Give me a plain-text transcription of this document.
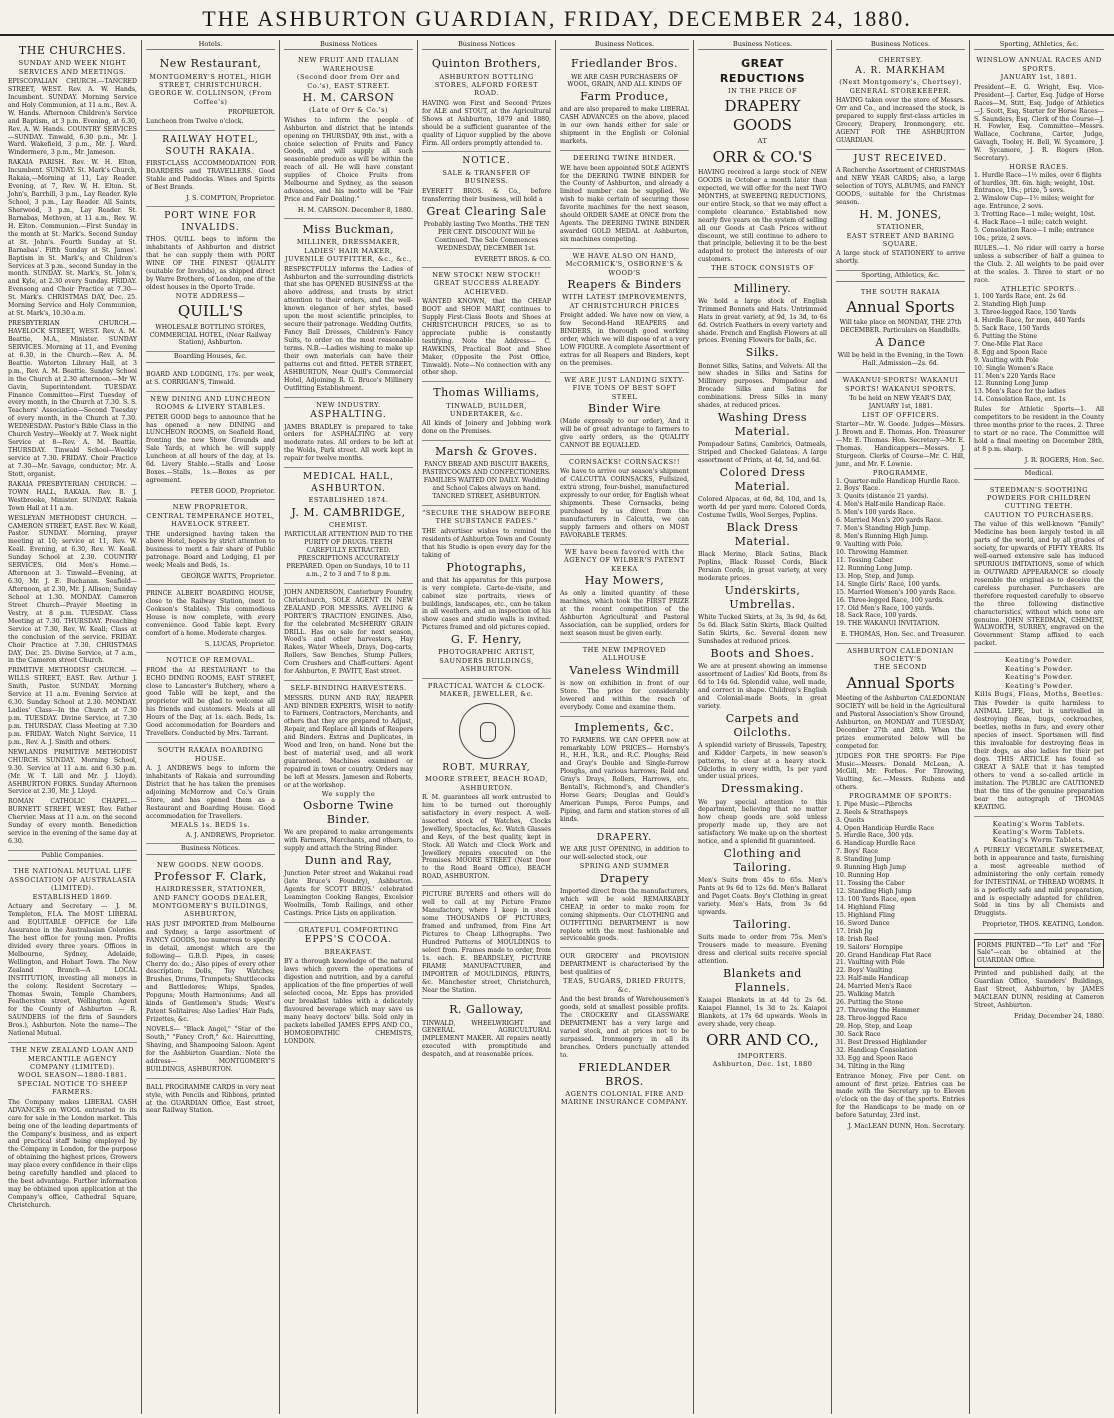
THE ASHBURTON GUARDIAN, FRIDAY, DECEMBER 24, 1880.
THE CHURCHES.
SUNDAY AND WEEK NIGHT SERVICES AND MEETINGS.
EPISCOPALIAN CHURCH.—TANCRED STREET, WEST. Rev. A. W. Hands, Incumbent. SUNDAY. Morning Service and Holy Communion, at 11 a.m., Rev. A. W. Hands. Afternoon Children's Service and Baptism, at 3 p.m. Evening, at 6.30, Rev. A. W. Hands. COUNTRY SERVICES—SUNDAY. Tinwald, 6.30 p.m., Mr. J. Ward. Wakefield, 3 p.m., Mr. J. Ward. Windermere, 3 p.m., Mr. Jameson.
RAKAIA PARISH. Rev. W. H. Elton, Incumbent. SUNDAY. St. Mark's Church, Rakaia,—Morning at 11, Lay Reader. Evening, at 7, Rev. W. H. Elton. St. John's, Barrhill, 3 p.m., Lay Reader. Kyle School, 3 p.m., Lay Reader. All Saints, Sherwood, 3 p.m., Lay Reader. St. Barnabas, Methven, at 11 a.m., Rev. W. H. Elton. Communion.—First Sunday in the month at St. Mark's. Second Sunday at St. John's. Fourth Sunday at St. Barnabas'. Fifth Sunday at St. James'. Baptism in St. Mark's, and Children's Services at 3 p.m., second Sunday in the month. SUNDAY. St. Mark's, St. John's, and Kyle, at 2.30 every Sunday. FRIDAY. Evensong and Choir Practice at 7.30—St. Mark's. CHRISTMAS DAY, Dec. 25. Morning Service and Holy Communion, at St. Mark's, 10.30 a.m.
PRESBYTERIAN CHURCH.—HAVELOCK STREET, WEST. Rev. A. M. Beattie, M.A., Minister. SUNDAY SERVICES. Morning at 11, and Evening at 6.30, in the Church.—Rev. A. M. Beattie. Waterton Library Hall, at 3 p.m., Rev. A. M. Beattie. Sunday School in the Church at 2.30 afternoon.—Mr W. Gavin, Superintendent. TUESDAY. Finance Committee—First Tuesday of every month, in the Church at 7.30. S. S. Teachers' Association—Second Tuesday of every month, in the Church at 7.30. WEDNESDAY. Pastor's Bible Class in the Church Vestry—Weekly at 7. Week night Service at 8—Rev. A. M. Beattie. THURSDAY. Tinwald School—Weekly service at 7.30. FRIDAY. Choir Practice at 7.30—Mr. Savage, conductor; Mr. A. Stott, organist.
RAKAIA PRESBYTERIAN CHURCH. —TOWN HALL, RAKAIA. Rev. B. J. Westbrooke, Minister. SUNDAY. Rakaia Town Hall at 11 a.m.
WESLEYAN METHODIST CHURCH. —CAMERON STREET, EAST. Rev. W. Keall, Pastor. SUNDAY. Morning, prayer meeting at 10; service at 11, Rev. W. Keall. Evening, at 6.30, Rev. W. Keall. Sunday School at 2.30. COUNTRY SERVICES. Old Men's Home.—Afternoon at 3. Tinwald—Evening, at 6.30, Mr. J. E. Buchanan. Seafield—Afternoon, at 2.30, Mr. J. Allison; Sunday School at 1.30. MONDAY. Cameron Street Church—Prayer Meeting in Vestry, at 8 p.m. TUESDAY. Class Meeting at 7.30. THURSDAY. Preaching Service at 7.30, Rev. W. Keall; Class at the conclusion of the service. FRIDAY. Choir Practice at 7.30. CHRISTMAS DAY, Dec. 25. Divine Service, at 7 a.m., in the Cameron street Church.
PRIMITIVE METHODIST CHURCH. —WILLS STREET, EAST. Rev. Arthur J. Smith, Pastor. SUNDAY. Morning Service at 11 a.m. Evening Service at 6.30. Sunday School at 2.30. MONDAY. Ladies' Class—In the Church at 7.30 p.m. TUESDAY. Divine Service, at 7.30 p.m. THURSDAY. Class Meeting at 7.30 p.m. FRIDAY. Watch Night Service, 11 p.m., Rev. A. J. Smith and others.
NEWLANDS PRIMITIVE METHODIST CHURCH. SUNDAY. Morning School, 9.30. Service at 11 a.m. and 6.30 p.m. (Mr. W. T. Lill and Mr. J. Lloyd). ASHBURTON FORKS. Sunday Afternoon Service at 2.30, Mr. J. Lloyd.
ROMAN CATHOLIC CHAPEL.—BURNETT STREET, WEST. Rev. Father Chervier. Mass at 11 a.m. on the second Sunday of every month. Benediction service in the evening of the same day at 6.30.
Public Companies.
THE NATIONAL MUTUAL LIFE ASSOCIATION OF AUSTRALASIA (LIMITED).
ESTABLISHED 1869.
Actuary and Secretary — J. M. Templeton, F.I.A. The MOST LIBERAL and EQUITABLE OFFICE for Life Assurance in the Australasian Colonies. The best office for young men. Profits divided every three years. Offices in Melbourne, Sydney, Adelaide, Wellington, and Hobart Town. The New Zealand Branch—A LOCAL INSTITUTION, investing all moneys in the colony. Resident Secretary — Thomas Swain, Temple Chambers, Featherston street, Wellington. Agent for the County of Ashburton — R. SAUNDERS (of the firm of Saunders Bros.), Ashburton. Note the name—The National Mutual.
THE NEW ZEALAND LOAN AND MERCANTILE AGENCY COMPANY (LIMITED).
WOOL SEASON—1880-1881.
SPECIAL NOTICE TO SHEEP FARMERS.
The Company makes LIBERAL CASH ADVANCES on WOOL entrusted to its care for sale in the London market. This being one of the leading departments of the Company's business, and as expert and practical staff being employed by the Company in London, for the purpose of obtaining the highest prices, Growers may place every confidence in their clips being carefully handled and placed to the best advantage. Further information may be obtained upon application at the Company's office, Cathedral Square, Christchurch.
Hotels.
New Restaurant,
MONTGOMERY'S HOTEL, HIGH STREET, CHRISTCHURCH.
GEORGE W. COLLINSON, (From Coffee's)
PROPRIETOR.
Luncheon from Twelve o'clock.
RAILWAY HOTEL, SOUTH RAKAIA.
FIRST-CLASS ACCOMMODATION FOR BOARDERS and TRAVELLERS. Good Stable and Paddocks. Wines and Spirits of Best Brands.
J. S. COMPTON, Proprietor.
PORT WINE FOR INVALIDS.
THOS. QUILL begs to inform the inhabitants of Ashburton and district that he can supply them with PORT WINE OF THE FINEST QUALITY (suitable for Invalids), as shipped direct by Warre Brothers, of London, one of the oldest houses in the Oporto Trade.
NOTE ADDRESS—
QUILL'S
WHOLESALE BOTTLING STORES, COMMERCIAL HOTEL, (Near Railway Station), Ashburton.
Boarding Houses, &c.
BOARD AND LODGING, 17s. per week, at S. CORRIGAN'S, Tinwald.
NEW DINING AND LUNCHEON ROOMS & LIVERY STABLES.
PETER GOOD begs to announce that he has opened a new DINING and LUNCHEON ROOMS, on Seafield Road, fronting the new Show Grounds and Sale Yards, at which he will supply Luncheon at all hours of the day, at 1s. 6d. Livery Stable.—Stalls and Loose Boxes.—Stalls, 1s.—Boxes as per agreement.
PETER GOOD, Proprietor.
NEW PROPRIETOR.
CENTRAL TEMPERANCE HOTEL, HAVELOCK STREET.
THE undersigned having taken the above Hotel, hopes by strict attention to business to merit a fair share of Public patronage. Board and Lodging, £1 per week; Meals and Beds, 1s.
GEORGE WATTS, Proprietor.
PRINCE ALBERT BOARDING HOUSE, close to the Railway Station, (next to Cookson's Stables). This commodious House is now complete, with every convenience. Good Table kept. Every comfort of a home. Moderate charges.
S. LUCAS, Proprietor.
NOTICE OF REMOVAL.
FROM the AI RESTAURANT to the ECHO DINING ROOMS, EAST STREET, close to Lancaster's Butchery, where a good Table will be kept, and the proprietor will be glad to welcome all his friends and customers. Meals at all Hours of the Day, at 1s. each. Beds, 1s. Good accommodation for Boarders and Travellers. Conducted by Mrs. Tarrant.
SOUTH RAKAIA BOARDING HOUSE.
A. J. ANDREWS begs to inform the inhabitants of Rakaia and surrounding District that he has taken the premises adjoining McMorrow and Co.'s Grain Store, and has opened them as a Restaurant and Boarding House. Good accommodation for Travellers.
MEALS 1s. BEDS 1s.
A. J. ANDREWS, Proprietor.
Business Notices.
NEW GOODS. NEW GOODS.
Professor F. Clark,
HAIRDRESSER, STATIONER, AND FANCY GOODS DEALER, MONTGOMERY'S BUILDINGS, ASHBURTON,
HAS JUST IMPORTED from Melbourne and Sydney, a large assortment of FANCY GOODS, too numerous to specify in detail, amongst which are the following— G.B.D. Pipes, in cases; Cherry do. do.; Also pipes of every other description; Dolls, Toy Watches; Brushes, Drums, Trumpets; Shuttlecocks and Battledores; Whips, Spades, Popguns; Mouth Harmoniums; And all kinds of Gentlemen's Studs; West's Patent Solitaires; Also Ladies' Hair Pads, Frizettes, &c.
NOVELS— "Black Angel," "Star of the South," "Fancy Croft," &c. Haircutting, Shaving, and Shampooing Saloon. Agent for the Ashburton Guardian. Note the address— MONTGOMERY'S BUILDINGS, ASHBURTON.
BALL PROGRAMME CARDS in very neat style, with Pencils and Ribbons, printed at the GUARDIAN Office, East street, near Railway Station.
Business Notices
NEW FRUIT AND ITALIAN WAREHOUSE
(Second door from Orr and Co.'s), EAST STREET.
H. M. CARSON
(Late of Orr & Co.'s)
Wishes to inform the people of Ashburton and district that he intends opening on THURSDAY, 9th inst., with a choice selection of Fruits and Fancy Goods, and will supply all such seasonable produce as will be within the reach of all. He will have constant supplies of Choice Fruits from Melbourne and Sydney, as the season advances, and his motto will be "Fair Price and Fair Dealing."
H. M. CARSON. December 8, 1880.
Miss Buckman,
MILLINER, DRESSMAKER, LADIES' HAIR MAKER, JUVENILE OUTFITTER, &c., &c.,
RESPECTFULLY informs the Ladies of Ashburton and the surrounding districts that she has OPENED BUSINESS at the above address, and trusts by strict attention to their orders, and the well-known elegance of her styles, based upon the most scientific principles, to secure their patronage. Wedding Outfits, Fancy Ball Dresses, Children's Fancy Suits, to order on the most reasonable terms. N.B.—Ladies wishing to make up their own materials can have their patterns cut and fitted. PETER STREET, ASHBURTON, Near Quill's Commercial Hotel, Adjoining R. G. Bruce's Millinery Outfitting Establishment.
NEW INDUSTRY.
ASPHALTING.
JAMES BRADLEY is prepared to take orders for ASPHALTING at very moderate rates. All orders to be left at the Wolds, Park street. All work kept in repair for twelve months.
MEDICAL HALL, ASHBURTON.
ESTABLISHED 1874.
J. M. CAMBRIDGE,
CHEMIST.
PARTICULAR ATTENTION PAID TO THE PURITY OF DRUGS. TEETH CAREFULLY EXTRACTED. PRESCRIPTIONS ACCURATELY PREPARED. Open on Sundays, 10 to 11 a.m., 2 to 3 and 7 to 8 p.m.
JOHN ANDERSON, Canterbury Foundry, Christchurch, SOLE AGENT IN NEW ZEALAND FOR MESSRS. AVELING & PORTER'S TRACTION ENGINES. Also, for the celebrated McSHERRY GRAIN DRILL. Has on sale for next season, Wood's and other harvesters, Hay Rakes, Water Wheels, Drays, Dog-carts, Rollers, Saw Benches, Stump Pullers, Corn Crushers and Chaff-cutters. Agent for Ashburton, F. PAVITT, East street.
SELF-BINDING HARVESTERS.
MESSRS. DUNN AND RAY, REAPER AND BINDER EXPERTS, WISH to notify to Farmers, Contractors, Merchants, and others that they are prepared to Adjust, Repair, and Replace all kinds of Reapers and Binders. Extras and Duplicates, in Wood and Iron, on hand. None but the best of material used, and all work guaranteed. Machines examined or repaired in town or country. Orders may be left at Messrs. Jameson and Roberts, or at the workshop.
We supply the
Osborne Twine Binder.
We are prepared to make arrangements with Farmers, Merchants, and others, to supply and attach the String Binder.
Dunn and Ray,
Junction Peter street and Wakanui road (late Bruce's Foundry), Ashburton. Agents for SCOTT BROS.' celebrated Leamington Cooking Ranges, Excelsior Woolmills, Tomb Railings, and other Castings. Price Lists on application.
GRATEFUL COMFORTING
EPPS'S COCOA.
BREAKFAST.
BY a thorough knowledge of the natural laws which govern the operations of digestion and nutrition, and by a careful application of the fine properties of well selected cocoa, Mr. Epps has provided our breakfast tables with a delicately flavoured beverage which may save us many heavy doctors' bills. Sold only in packets labelled JAMES EPPS AND CO., HOMOEOPATHIC CHEMISTS, LONDON.
Business Notices
Quinton Brothers,
ASHBURTON BOTTLING STORES, ALFORD FOREST ROAD.
HAVING won First and Second Prizes for ALE and STOUT, at the Agricultural Shows at Ashburton, 1879 and 1880, should be a sufficient guarantee of the quality of Liquor supplied by the above Firm. All orders promptly attended to.
NOTICE.
SALE & TRANSFER OF BUSINESS.
EVERETT BROS. & Co., before transferring their business, will hold a
Great Clearing Sale
Probably lasting Two Months. THE TEN PER CENT. DISCOUNT Will be Continued. The Sale Commences WEDNESDAY, DECEMBER 1st.
EVERETT BROS. & CO.
NEW STOCK! NEW STOCK!!
GREAT SUCCESS ALREADY ACHIEVED.
WANTED KNOWN, that the CHEAP BOOT and SHOE MART, continues to Supply First-Class Boots and Shoes at CHRISTCHURCH PRICES, so as to appreciate public is constantly testifying. Note the Address— C. HAWKINS, Practical Boot and Shoe Maker, (Opposite the Post Office, Tinwald). Note—No connection with any other shop.
Thomas Williams,
TINWALD, BUILDER, UNDERTAKER, &c.
All kinds of Joinery and Jobbing work done on the Premises.
Marsh & Groves.
FANCY BREAD AND BISCUIT BAKERS, PASTRYCOOKS AND CONFECTIONERS. FAMILIES WAITED ON DAILY. Wedding and School Cakes always on hand. TANCRED STREET, ASHBURTON.
"SECURE THE SHADOW BEFORE THE SUBSTANCE FADES."
THE advertiser wishes to remind the residents of Ashburton Town and County that his Studio is open every day for the taking of
Photographs,
and that his apparatus for this purpose is very complete. Carte-de-visite, and cabinet size portraits, views of buildings, landscapes, etc., can be taken in all weathers, and an inspection of his show cases and studio walls is invited. Pictures framed and old pictures copied.
G. F. Henry,
PHOTOGRAPHIC ARTIST, SAUNDERS BUILDINGS, ASHBURTON.
PRACTICAL WATCH & CLOCK-MAKER, JEWELLER, &c.
ROBT. MURRAY,
MOORE STREET, BEACH ROAD, ASHBURTON.
R. M. guarantees all work entrusted to him to be turned out thoroughly satisfactory in every respect. A well-assorted stock of Watches, Clocks Jewellery, Spectacles, &c. Watch Glasses and Keys, of the best quality, kept in Stock. All Watch and Clock Work and Jewellery repairs executed on the Premises. MOORE STREET (Next Door to the Road Board Office), BEACH ROAD, ASHBURTON.
PICTURE BUYERS and others will do well to call at my Picture Frame Manufactory, where I keep in stock some THOUSANDS OF PICTURES, framed and unframed, from Fine Art Pictures to Cheap Lithographs. Two Hundred Patterns of MOULDINGS to select from. Frames made to order, from 1s. each. E. BEARDSLEY, PICTURE FRAME MANUFACTURER, and IMPORTER of MOULDINGS, PRINTS, &c. Manchester street, Christchurch, Near the Station.
R. Galloway,
TINWALD, WHEELWRIGHT and GENERAL AGRICULTURAL IMPLEMENT MAKER. All repairs neatly executed with promptitude and despatch, and at reasonable prices.
Business Notices.
Friedlander Bros.
WE ARE CASH PURCHASERS OF WOOL, GRAIN, AND ALL KINDS OF
Farm Produce,
and are also prepared to make LIBERAL CASH ADVANCES on the above, placed in our own hands either for sale or shipment in the English or Colonial markets.
DEERING TWINE BINDER.
WE have been appointed SOLE AGENTS for the DEERING TWINE BINDER for the County of Ashburton, and already a limited number can be supplied. We wish to make certain of securing those favorite machines for the next season, should ORDER SAME at ONCE from the Agents. The DEERING TWINE BINDER awarded GOLD MEDAL at Ashburton, six machines competing.
WE HAVE ALSO ON HAND, McCORMICK'S, OSBORNE'S & WOOD'S
Reapers & Binders
WITH LATEST IMPROVEMENTS, AT CHRISTCHURCH PRICES
Freight added. We have now on view, a few Second-Hand REAPERS and BINDERS, in thorough good working order, which we will dispose of at a very LOW FIGURE. A complete Assortment of extras for all Reapers and Binders, kept on the premises.
WE ARE JUST LANDING SIXTY-FIVE TONS OF BEST SOFT STEEL
Binder Wire
(Made expressly to our order), And it will be of great advantage to farmers to give early orders, as the QUALITY CANNOT BE EQUALLED.
CORNSACKS! CORNSACKS!!
We have to arrive our season's shipment of CALCUTTA CORNSACKS, Fullsized, extra strong, four-bushel, manufactured expressly to our order, for English wheat shipments. These Cornsacks, being purchased by us direct from the manufacturers in Calcutta, we can supply farmers and others on MOST FAVORABLE TERMS.
WE have been favored with the AGENCY OF WILBER'S PATENT KEEKA
Hay Mowers,
As only a limited quantity of these machines, which took the FIRST PRIZE at the recent competition of the Ashburton Agricultural and Pastoral Association, can be supplied, orders for next season must be given early.
THE NEW IMPROVED ALLHOUSE
Vaneless Windmill
is now on exhibition in front of our Store. The price for considerably lowered and within the reach of everybody. Come and examine them.
Implements, &c.
TO FARMERS. WE CAN OFFER now at remarkably LOW PRICES— Hornsby's H., H.H., R.R., and R.C. Ploughs; Reid and Gray's Double and Single-furrow Ploughs, and various harrows; Reid and Gray's Drays, Rollers, Harrows, etc. Bentall's, Richmond's, and Chandler's Horse Gears; Douglas and Gould's American Pumps, Force Pumps, and Piping, and farm and station stores of all kinds.
DRAPERY.
WE ARE JUST OPENING, in addition to our well-selected stock, our
SPRING AND SUMMER
Drapery
Imported direct from the manufacturers, which will be sold REMARKABLY CHEAP, in order to make room for coming shipments. Our CLOTHING and OUTFITTING DEPARTMENT is now replete with the most fashionable and serviceable goods.
OUR GROCERY and PROVISION DEPARTMENT is characterised by the best qualities of
TEAS, SUGARS, DRIED FRUITS, &c.
And the best brands of Warehousemen's goods, sold at smallest possible profits. The CROCKERY and GLASSWARE DEPARTMENT has a very large and varied stock, and at prices not to be surpassed. Ironmongery in all its branches. Orders punctually attended to.
FRIEDLANDER BROS.
AGENTS COLONIAL FIRE AND MARINE INSURANCE COMPANY.
Business Notices.
GREAT REDUCTIONS
IN THE PRICE OF
DRAPERY GOODS
AT
ORR & CO.'S
HAVING received a large stock of NEW GOODS in October a month later than expected, we will offer for the next TWO MONTHS, at SWEEPING REDUCTIONS, our entire Stock, so that we may effect a complete clearance. Established now nearly five years on the system of selling all our Goods at Cash Prices without discount, we still continue to adhere to that principle, believing it to be the best adapted to protect the interests of our customers.
THE STOCK CONSISTS OF
Millinery.
We hold a large stock of English Trimmed Bonnets and Hats. Untrimmed Hats in great variety, at 9d, 1s 3d, to 6s 6d. Ostrich Feathers in every variety and shade. French and English Flowers at all prices. Evening Flowers for balls, &c.
Silks.
Bonnet Silks, Satins, and Velvets. All the new shades in Silks and Satins for Millinery purposes. Pompadour and Brocade Silks and Satins for combinations. Dress Silks in many shades, at reduced prices.
Washing Dress Material.
Pompadour Satins, Cambrics, Oatmeals, Striped and Checked Galateas. A large assortment of Prints, at 4d, 5d, and 6d.
Colored Dress Material.
Colored Alpacas, at 6d, 8d, 10d, and 1s, worth 4d per yard more. Colored Cords, Costume Twills, Wool Serges, Poplins.
Black Dress Material.
Black Merino, Black Satins, Black Poplins, Black Russel Cords, Black Persian Cords, in great variety, at very moderate prices.
Underskirts, Umbrellas.
White Tucked Skirts, at 3s, 3s 9d, 4s 6d, 5s 6d. Black Satin Skirts, Black Quilted Satin Skirts, &c. Several dozen new Sunshades at reduced prices.
Boots and Shoes.
We are at present showing an immense assortment of Ladies' Kid Boots, from 8s 6d to 14s 6d. Splendid value, well made, and correct in shape. Children's English and Colonial-made Boots, in great variety.
Carpets and Oilcloths.
A splendid variety of Brussels, Tapestry, and Kidder Carpets, in new season's patterns, to clear at a heavy stock. Oilcloths in every width, 1s per yard under usual prices.
Dressmaking.
We pay special attention to this department, believing that no matter how cheap goods are sold unless properly made up, they are not satisfactory. We make up on the shortest notice, and a splendid fit guaranteed.
Clothing and Tailoring.
Men's Suits from 45s to 65s. Men's Pants at 9s 6d to 12s 6d. Men's Ballarat and Paget Coats. Boy's Clothing in great variety. Men's Hats, from 3s 6d upwards.
Tailoring.
Suits made to order from 75s. Men's Trousers made to measure. Evening dress and clerical suits receive special attention.
Blankets and Flannels.
Kaiapoi Blankets in at 4d to 2s 6d. Kaiapoi Flannel, 1s 3d to 2s. Kaiapoi Blankets, at 17s 6d upwards. Wools in every shade, very cheap.
ORR AND CO.,
IMPORTERS.
Ashburton, Dec. 1st, 1880
Business Notices.
CHERTSEY.
A. R. MARKHAM
(Next Montgomery's, Chertsey), GENERAL STOREKEEPER.
HAVING taken over the store of Messrs. Orr and Co., and increased the stock, is prepared to supply first-class articles in Grocery, Drapery, Ironmongery, etc. AGENT FOR THE ASHBURTON GUARDIAN.
JUST RECEIVED.
A Recherche Assortment of CHRISTMAS and NEW YEAR CARDS; also, a large selection of TOYS, ALBUMS, and FANCY GOODS, suitable for the Christmas season.
H. M. JONES,
STATIONER,
EAST STREET AND BARING SQUARE.
A large stock of STATIONERY to arrive shortly.
Sporting, Athletics, &c.
THE SOUTH RAKAIA
Annual Sports
Will take place on MONDAY, THE 27th DECEMBER. Particulars on Handbills.
A Dance
Will be held in the Evening, in the Town Hall. Admission—2s. 6d.
WAKANUI SPORTS! WAKANUI SPORTS! WAKANUI SPORTS.
To be held on NEW YEAR'S DAY, JANUARY 1st, 1881.
LIST OF OFFICERS.
Starter—Mr. W. Goode. Judges—Messrs. J. Brown and E. Thomas. Hon. Treasurer—Mr. E. Thomas. Hon. Secretary—Mr. E. Thomas. Handicappers—Messrs. J. Sturgeon. Clerks of Course—Mr. C. Hill, junr., and Mr. F. Lownie.
PROGRAMME.
1. Quarter-mile Handicap Hurdle Race.
2. Boys' Race.
3. Quoits (distance 21 yards).
4. Men's Half-mile Handicap Race.
5. Men's 100 yards Race.
6. Married Men's 200 yards Race.
7. Men's Standing High Jump.
8. Men's Running High Jump.
9. Vaulting with Pole.
10. Throwing Hammer.
11. Tossing Caber.
12. Running Long Jump.
13. Hop, Step, and Jump.
14. Single Girls' Race, 100 yards.
15. Married Women's 100 yards Race.
16. Three-legged Race, 100 yards.
17. Old Men's Race, 100 yards.
18. Sack Race, 100 yards.
19. THE WAKANUI INVITATION.
E. THOMAS, Hon. Sec. and Treasurer.
ASHBURTON CALEDONIAN SOCIETY'S
THE SECOND
Annual Sports
Meeting of the Ashburton CALEDONIAN SOCIETY will be held in the Agricultural and Pastoral Association's Show Ground, Ashburton, on MONDAY and TUESDAY, December 27th and 28th. When the prizes enumerated below will be competed for.
JUDGES FOR THE SPORTS: For Pipe Music—Messrs. Donald McLean, A. McGill, Mr. Forbes. For Throwing, Vaulting, &c.—Messrs. Rubens and others.
PROGRAMME OF SPORTS:
1. Pipe Music—Pibrochs
2. Reels & Strathspeys
3. Quoits
4. Open Handicap Hurdle Race
5. Hurdle Race, 300 yds.
6. Handicap Hurdle Race
7. Boys' Race
8. Standing Jump
9. Running High Jump
10. Running Hop
11. Tossing the Caber
12. Standing High Jump
13. 100 Yards Race, open
14. Highland Fling
15. Highland Fling
16. Sword Dance
17. Irish Jig
18. Irish Reel
19. Sailors' Hornpipe
20. Grand Handicap Flat Race
21. Vaulting with Pole
22. Boys' Vaulting
23. Half-mile Handicap
24. Married Men's Race
25. Walking Match
26. Putting the Stone
27. Throwing the Hammer
28. Three-legged Race
29. Hop, Step, and Leap
30. Sack Race
31. Best Dressed Highlander
32. Handicap Consolation
33. Egg and Spoon Race
34. Tilting in the Ring
Entrance Money, Five per Cent. on amount of first prize. Entries can be made with the Secretary up to Eleven o'clock on the day of the sports. Entries for the Handicaps to be made on or before Saturday, 23rd inst.
J. MacLEAN DUNN, Hon. Secretary.
Sporting, Athletics, &c.
WINSLOW ANNUAL RACES AND SPORTS.
JANUARY 1st, 1881.
President—E. G. Wright, Esq. Vice-President—J. Carter, Esq. Judge of Horse Races—M. Stitt, Esq. Judge of Athletics—J. Scott, Esq. Starter for Horse Races—S. Saunders, Esq. Clerk of the Course—J. H. Fowler, Esq. Committee—Messrs. Wallace, Cochrane, Carter, Judge, Gavagh, Tooley, H. Bell, W. Sycamore, J. W. Sycamore, J. R. Rogers (Hon. Secretary).
HORSE RACES.
1. Hurdle Race—1½ miles, over 6 flights of hurdles, 3ft. 6in. high; weight, 10st. Entrance, 10s.; prize, 5 sovs.
2. Winslow Cup—1½ miles; weight for age. Entrance, 2 sovs.
3. Trotting Race—1 mile; weight, 10st.
4. Hack Race—1 mile; catch weight.
5. Consolation Race—1 mile; entrance 10s.; prize, 2 sovs.
RULES.—1. No rider will carry a horse unless a subscriber of half a guinea to the Club. 2. All weights to be paid over at the scales. 3. Three to start or no race.
ATHLETIC SPORTS.
1. 100 Yards Race, ent. 2s 6d
2. Standing High Jump
3. Three-legged Race, 150 Yards
4. Hurdle Race, for men, 440 Yards
5. Sack Race, 150 Yards
6. Putting the Stone
7. One-Mile Flat Race
8. Egg and Spoon Race
9. Vaulting with Pole
10. Single Women's Race
11. Men's 220 Yards Race
12. Running Long Jump
13. Men's Race for the ladies
14. Consolation Race, ent. 1s
Rules for Athletic Sports—1. All competitors to be resident in the County three months prior to the races. 2. Three to start or no race. The Committee will hold a final meeting on December 28th, at 8 p.m. sharp.
J. R. ROGERS, Hon. Sec.
Medical.
STEEDMAN'S SOOTHING POWDERS FOR CHILDREN CUTTING TEETH.
CAUTION TO PURCHASERS.
The value of this well-known "Family" Medicine has been largely tested in all parts of the world, and by all grades of society, for upwards of FIFTY YEARS. Its well-earned extensive sale has induced SPURIOUS IMITATIONS, some of which in OUTWARD APPEARANCE so closely resemble the original as to deceive the careless purchaser. Purchasers are therefore requested carefully to observe the three following distinctive characteristics, without which none are genuine. JOHN STEEDMAN, CHEMIST, WALWORTH, SURREY, engraved on the Government Stamp affixed to each packet.
Keating's Powder.
Keating's Powder.
Keating's Powder.
Keating's Powder.
Kills Bugs, Fleas, Moths, Beetles.
This Powder is quite harmless to ANIMAL LIFE, but is unrivalled in destroying fleas, bugs, cockroaches, beetles, moths in furs, and every other species of insect. Sportsmen will find this invaluable for destroying fleas in their dogs, as also ladies for their pet dogs. THIS ARTICLE has found so GREAT A SALE that it has tempted others to vend a so-called article in imitation. The PUBLIC are CAUTIONED that the tins of the genuine preparation bear the autograph of THOMAS KEATING.
Keating's Worm Tablets.
Keating's Worm Tablets.
Keating's Worm Tablets.
A PURELY VEGETABLE SWEETMEAT, both in appearance and taste, furnishing a most agreeable method of administering the only certain remedy for INTESTINAL or THREAD WORMS. It is a perfectly safe and mild preparation, and is especially adapted for children. Sold in tins by all Chemists and Druggists.
Proprietor, THOS. KEATING, London.
FORMS PRINTED—"To Let" and "For Sale"—can be obtained at the GUARDIAN Office.
Printed and published daily, at the Guardian Office, Saunders' Buildings, East Street, Ashburton, by JAMES MACLEAN DUNN, residing at Cameron Street, Ashburton.
Friday, December 24, 1880.
